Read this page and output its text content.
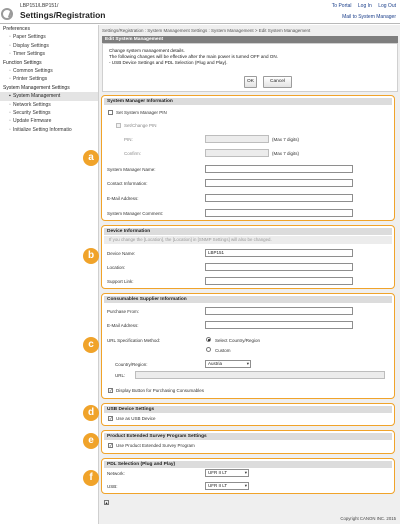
LBP151/LBP151/
Settings/Registration
To Portal Log In Log Out
Mail to System Manager
Preferences
▫ Paper Settings
▫ Display Settings
▫ Timer Settings
Function Settings
▫ Common Settings
▫ Printer Settings
System Management Settings
▪ System Management
▫ Network Settings
▫ Security Settings
▫ Update Firmware
▫ Initialize Setting Informatio
Settings/Registration : System Management Settings : System Management > Edit System Management
Edit System Management
Change system management details.
The following changes will be effective after the main power is turned OFF and ON.
- USB Device Settings and PDL Selection (Plug and Play).
OK	Cancel
System Manager Information
Set System Manager PIN
Set/Change PIN
PIN:	(Max 7 digits)
Confirm:	(Max 7 digits)
System Manager Name:
Contact Information:
E-Mail Address:
System Manager Comment:
a
Device Information
If you change the [Location], the [Location] in [SNMP Settings] will also be changed.
Device Name:	LBP151
Location:
Support Link:
b
Consumables Supplier Information
Purchase From:
E-Mail Address:
URL Specification Method:	Select Country/Region
Custom
Country/Region:	Austria	▾
URL:
✓ Display Button for Purchasing Consumables
c
USB Device Settings
✓ Use as USB Device
d
Product Extended Survey Program Settings
✓ Use Product Extended Survey Program
e
PDL Selection (Plug and Play)
Network:	UFR II LT	▾
USB:	UFR II LT	▾
f
▴
Copyright CANON INC. 2015
